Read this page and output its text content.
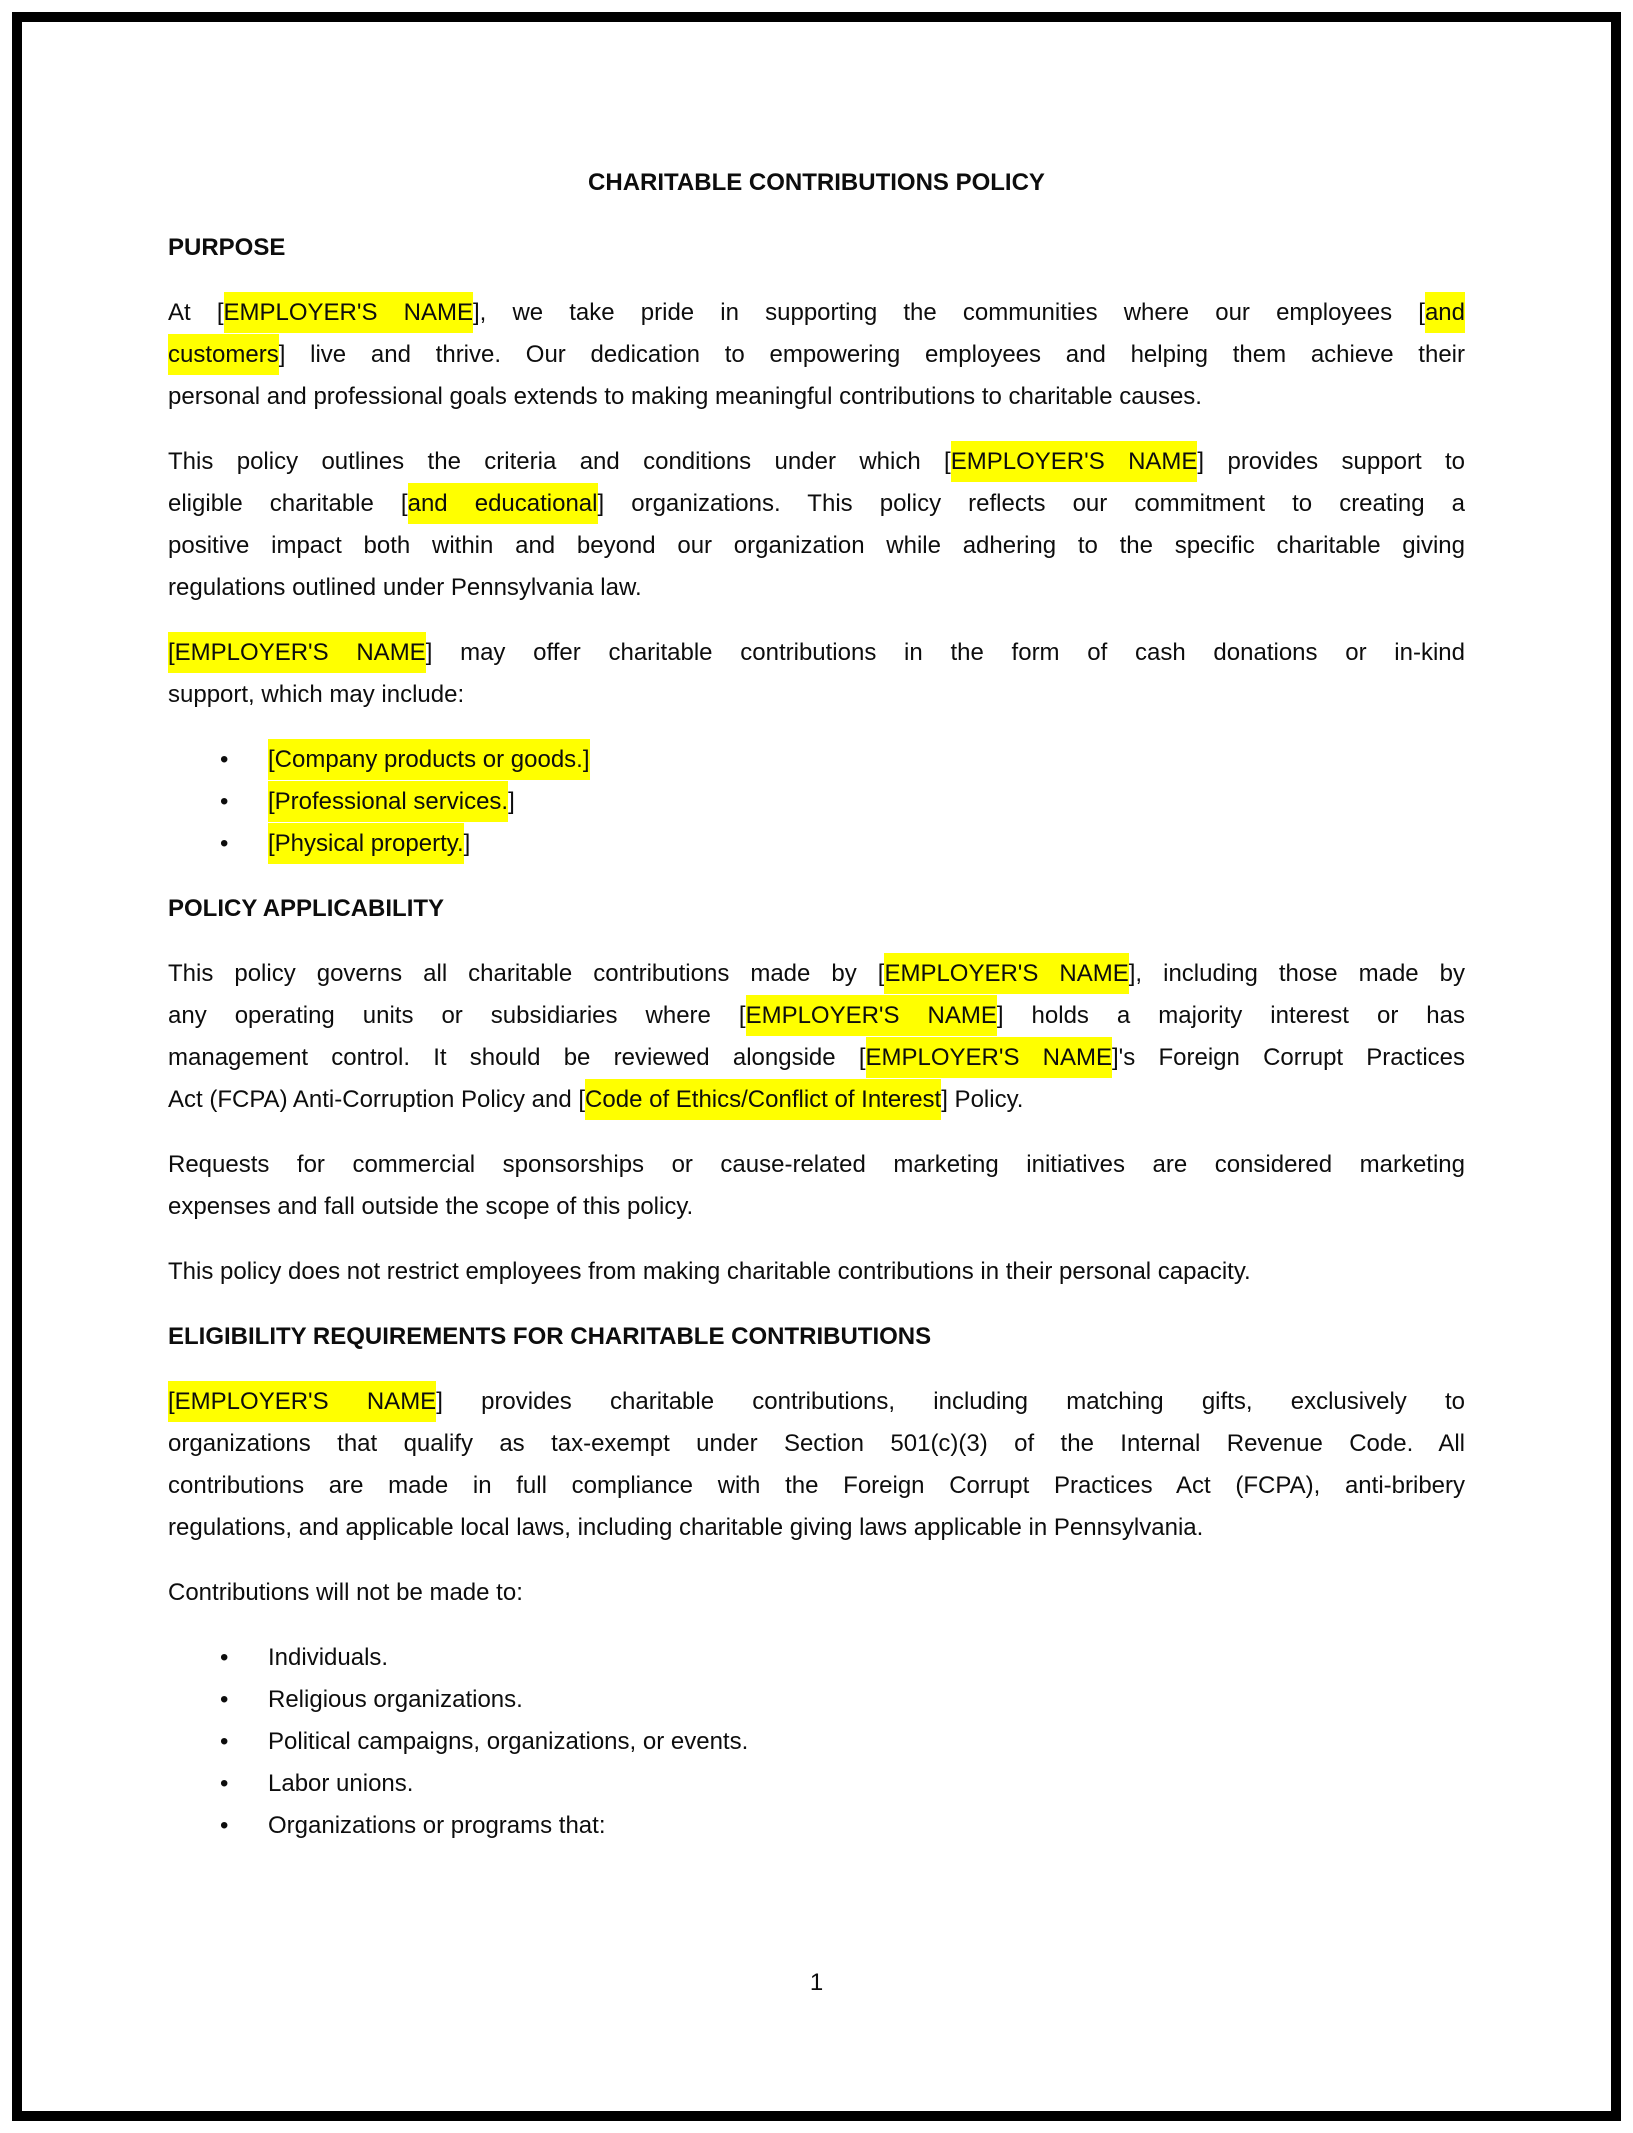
CHARITABLE CONTRIBUTIONS POLICY
PURPOSE
At [EMPLOYER'S NAME], we take pride in supporting the communities where our employees [and
customers] live and thrive. Our dedication to empowering employees and helping them achieve their
personal and professional goals extends to making meaningful contributions to charitable causes.
This policy outlines the criteria and conditions under which [EMPLOYER'S NAME] provides support to
eligible charitable [and educational] organizations. This policy reflects our commitment to creating a
positive impact both within and beyond our organization while adhering to the specific charitable giving
regulations outlined under Pennsylvania law.
[EMPLOYER'S NAME] may offer charitable contributions in the form of cash donations or in-kind
support, which may include:
• [Company products or goods.]
• [Professional services.]
• [Physical property.]
POLICY APPLICABILITY
This policy governs all charitable contributions made by [EMPLOYER'S NAME], including those made by
any operating units or subsidiaries where [EMPLOYER'S NAME] holds a majority interest or has
management control. It should be reviewed alongside [EMPLOYER'S NAME]'s Foreign Corrupt Practices
Act (FCPA) Anti-Corruption Policy and [Code of Ethics/Conflict of Interest] Policy.
Requests for commercial sponsorships or cause-related marketing initiatives are considered marketing
expenses and fall outside the scope of this policy.
This policy does not restrict employees from making charitable contributions in their personal capacity.
ELIGIBILITY REQUIREMENTS FOR CHARITABLE CONTRIBUTIONS
[EMPLOYER'S NAME] provides charitable contributions, including matching gifts, exclusively to
organizations that qualify as tax-exempt under Section 501(c)(3) of the Internal Revenue Code. All
contributions are made in full compliance with the Foreign Corrupt Practices Act (FCPA), anti-bribery
regulations, and applicable local laws, including charitable giving laws applicable in Pennsylvania.
Contributions will not be made to:
• Individuals.
• Religious organizations.
• Political campaigns, organizations, or events.
• Labor unions.
• Organizations or programs that:
1
